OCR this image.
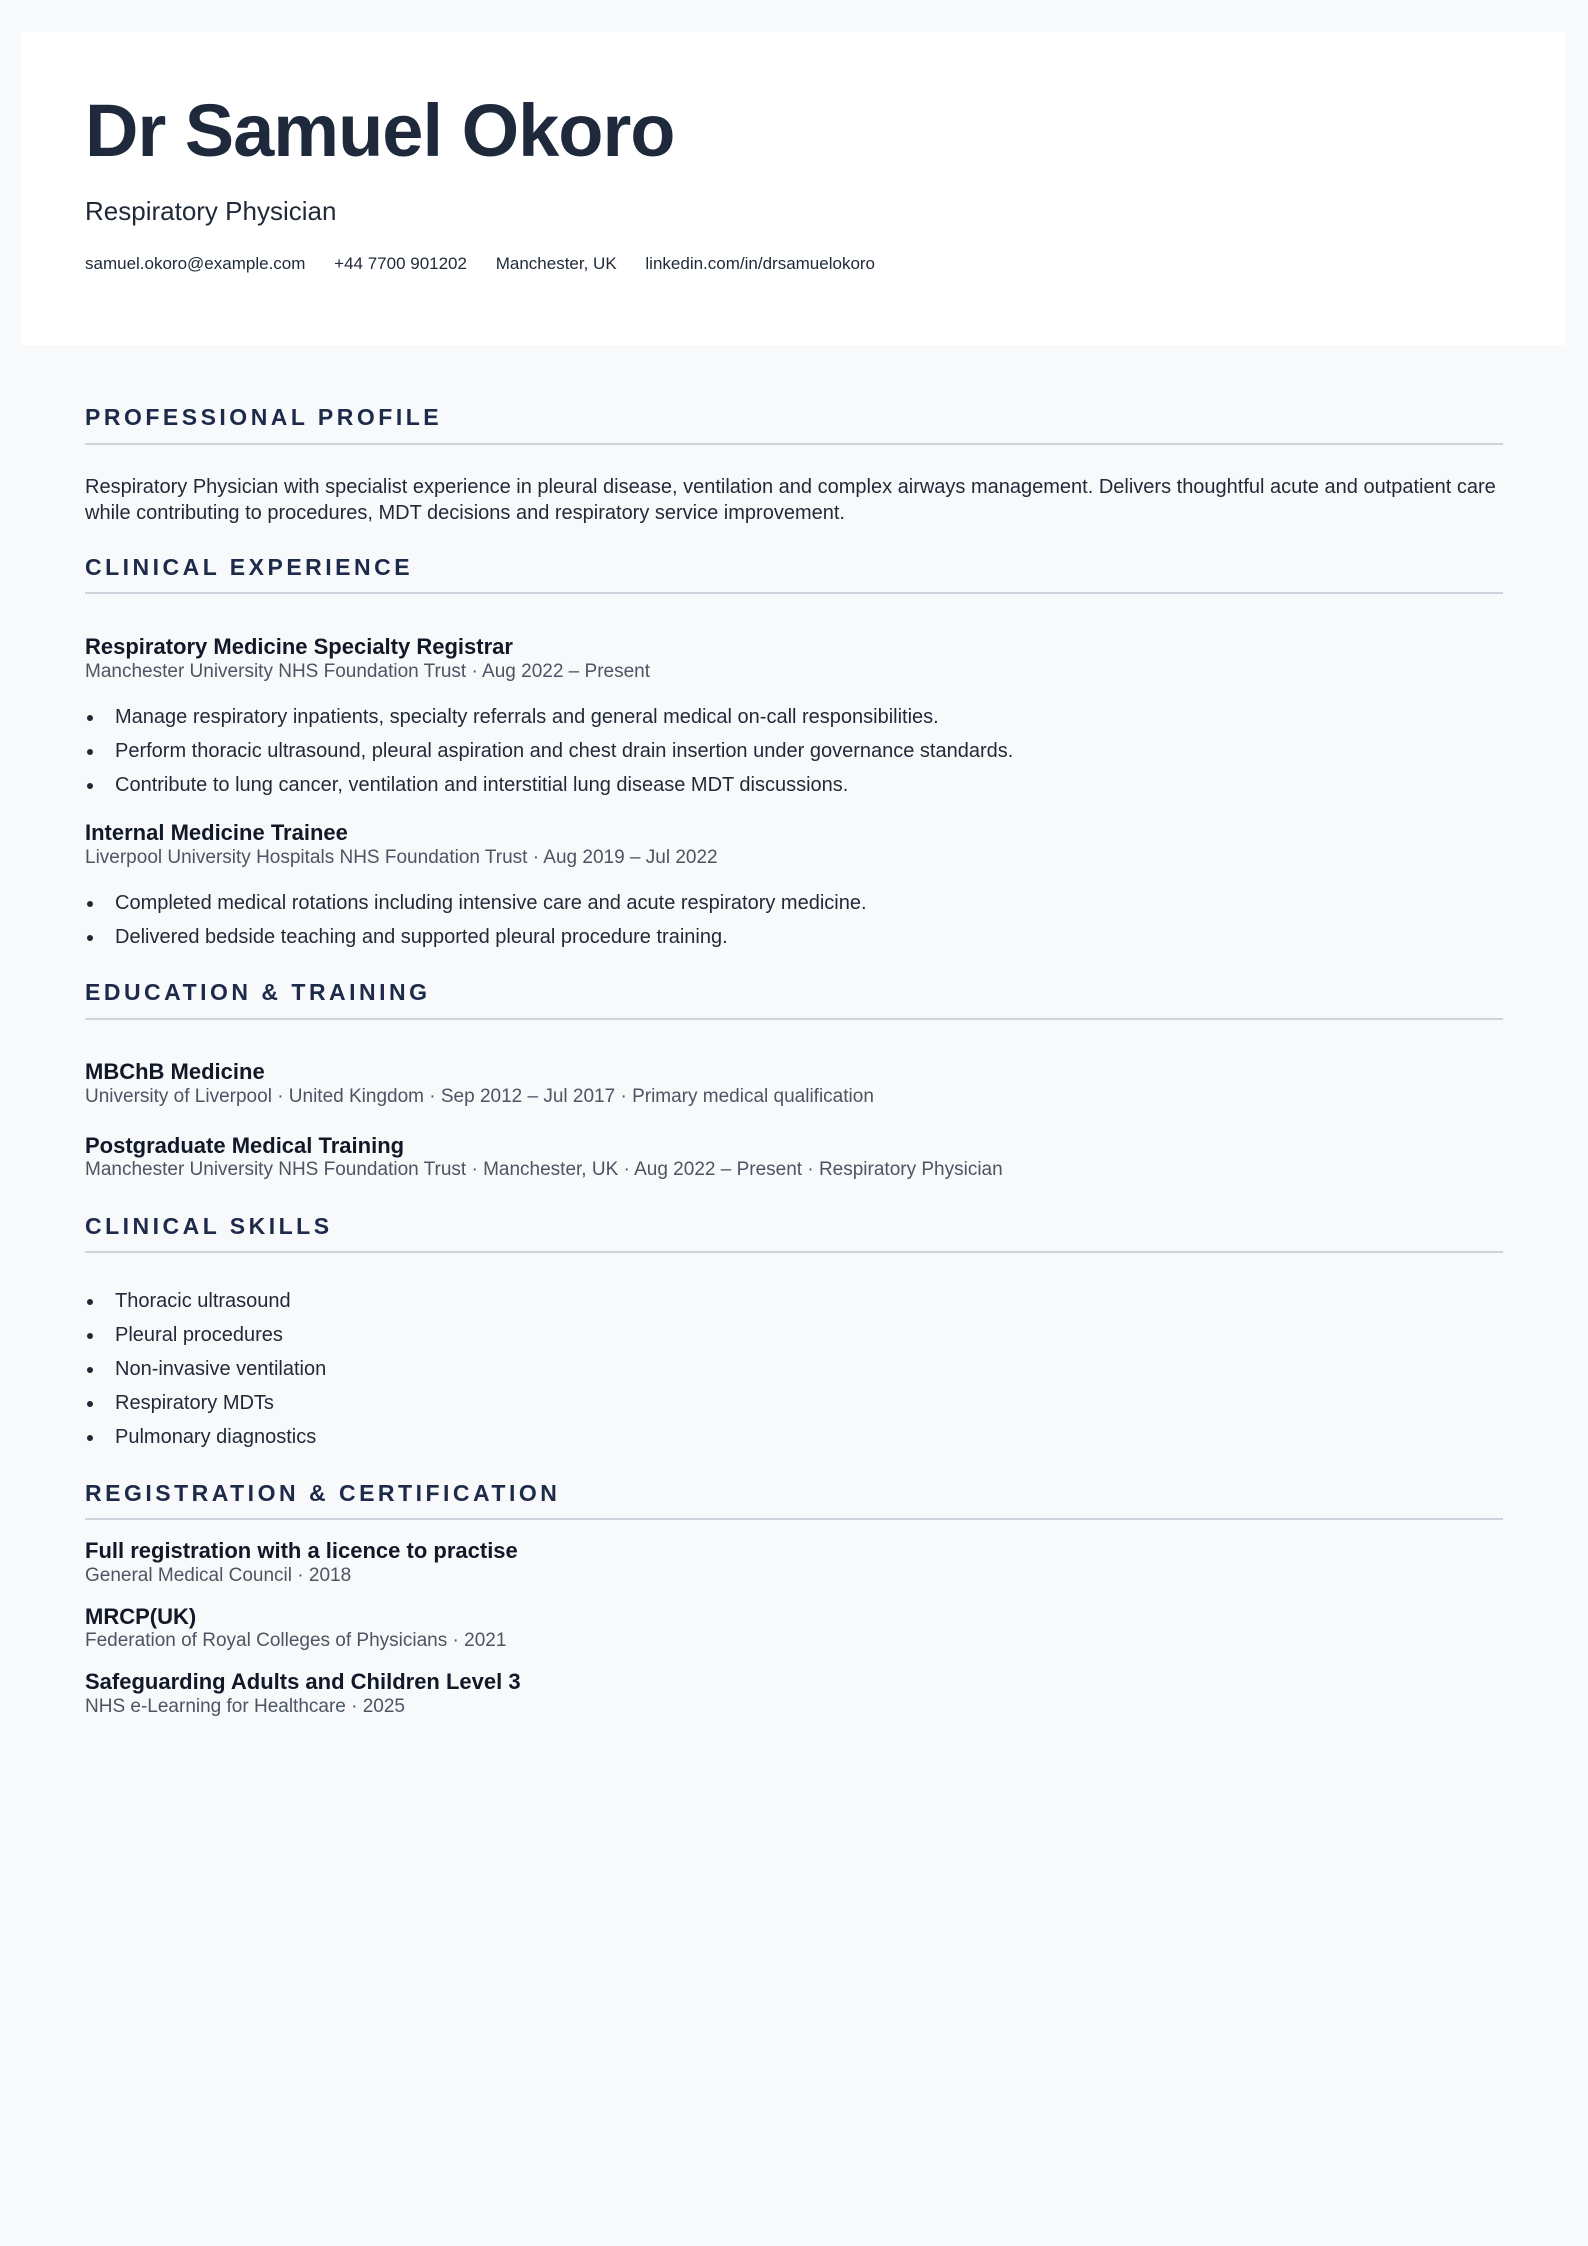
Dr Samuel Okoro
Respiratory Physician
samuel.okoro@example.com +44 7700 901202 Manchester, UK linkedin.com/in/drsamuelokoro
PROFESSIONAL PROFILE
Respiratory Physician with specialist experience in pleural disease, ventilation and complex airways management. Delivers thoughtful acute and outpatient care while contributing to procedures, MDT decisions and respiratory service improvement.
CLINICAL EXPERIENCE
Respiratory Medicine Specialty Registrar
Manchester University NHS Foundation Trust · Aug 2022 – Present
Manage respiratory inpatients, specialty referrals and general medical on-call responsibilities.
Perform thoracic ultrasound, pleural aspiration and chest drain insertion under governance standards.
Contribute to lung cancer, ventilation and interstitial lung disease MDT discussions.
Internal Medicine Trainee
Liverpool University Hospitals NHS Foundation Trust · Aug 2019 – Jul 2022
Completed medical rotations including intensive care and acute respiratory medicine.
Delivered bedside teaching and supported pleural procedure training.
EDUCATION & TRAINING
MBChB Medicine
University of Liverpool · United Kingdom · Sep 2012 – Jul 2017 · Primary medical qualification
Postgraduate Medical Training
Manchester University NHS Foundation Trust · Manchester, UK · Aug 2022 – Present · Respiratory Physician
CLINICAL SKILLS
Thoracic ultrasound
Pleural procedures
Non-invasive ventilation
Respiratory MDTs
Pulmonary diagnostics
REGISTRATION & CERTIFICATION
Full registration with a licence to practise
General Medical Council · 2018
MRCP(UK)
Federation of Royal Colleges of Physicians · 2021
Safeguarding Adults and Children Level 3
NHS e-Learning for Healthcare · 2025
